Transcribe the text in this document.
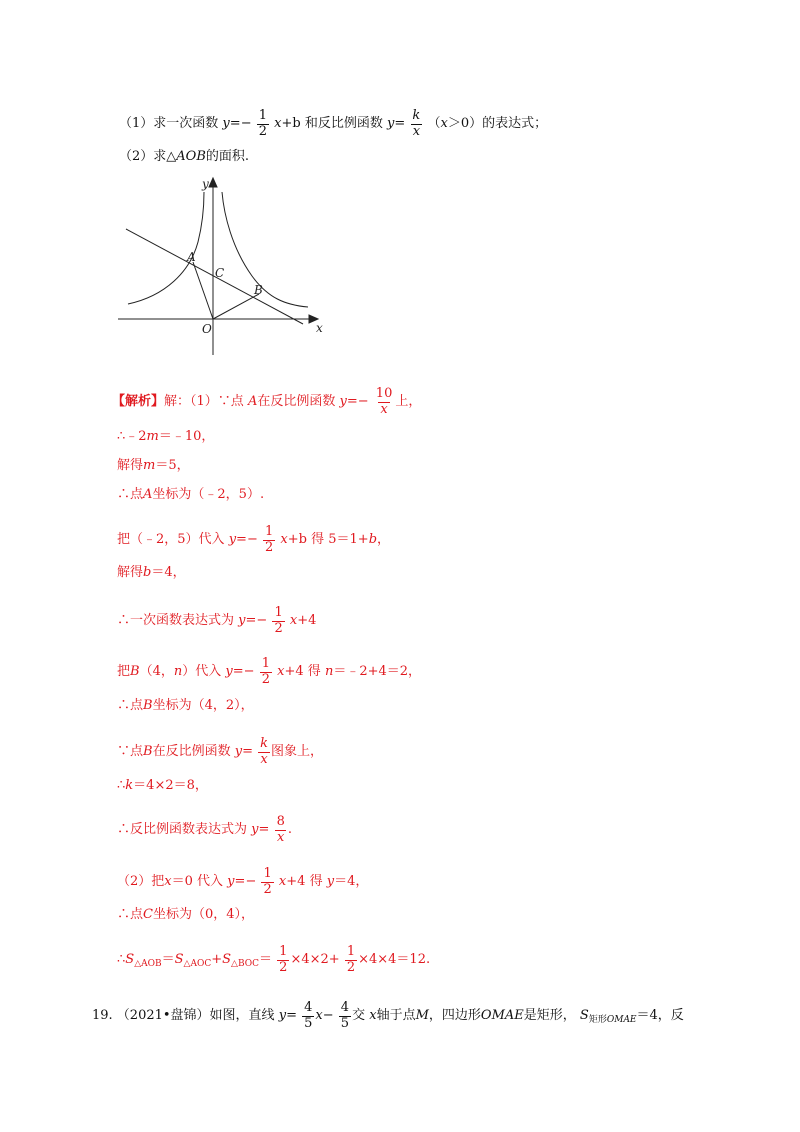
（1）求一次函数 $y=- \frac{1}{2} x+b$ 和反比例函数 $y= \frac{k}{x} (x>0)$的表达式；
（2）求△AOB的面积.
y
x
O
A
B
C
【解析】解：（1）∵点 A在反比例函数 $y=- \frac{10}{x}$ 上，
∴﹣2m＝﹣10，
解得m＝5，
∴点A坐标为（﹣2，5）.
把（﹣2，5）代入 $y=- \frac{1}{2} x+b$ 得 5＝1+b，
解得b＝4，
∴一次函数表达式为 $y=- \frac{1}{2} x+4$
把B（4，n）代入 $y=- \frac{1}{2} x+4$ 得 n＝﹣2+4＝2，
∴点B坐标为（4，2），
∵点B在反比例函数 $y= \frac{k}{x}$ 图象上，
∴k＝4×2＝8，
∴反比例函数表达式为 $y= \frac{8}{x}$ .
（2）把x＝0 代入 $y=- \frac{1}{2} x+4$ 得 y＝4，
∴点C坐标为（0，4），
$\therefore S_{\triangle AOB}=S_{\triangle AOC}+S_{\triangle BOC}= \frac{1}{2} \times 4\times 2+ \frac{1}{2} \times 4\times 4=12$.
19. （2021•盘锦）如图，直线 $y= \frac{4}{5} x- \frac{4}{5}$ 交 x轴于点M，四边形OMAE是矩形， $S_{矩形OMAE}=4$，反
